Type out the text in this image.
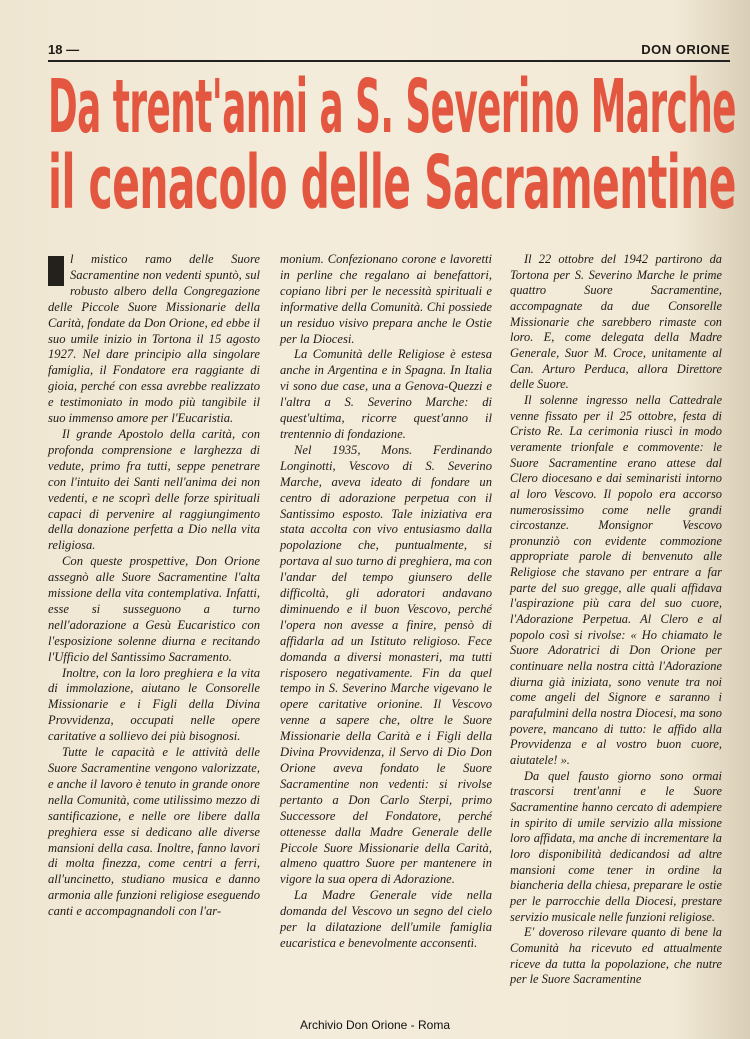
18 —	DON ORIONE
Da trent'anni a S. Severino Marche
il cenacolo delle Sacramentine

l mistico ramo delle Suore Sacramentine non vedenti spuntò, sul robusto albero della Congregazione delle Piccole Suore Missionarie della Carità, fondate da Don Orione, ed ebbe il suo umile inizio in Tortona il 15 agosto 1927. Nel dare principio alla singolare famiglia, il Fondatore era raggiante di gioia, perché con essa avrebbe realizzato e testimoniato in modo più tangibile il suo immenso amore per l'Eucaristia.

Il grande Apostolo della carità, con profonda comprensione e larghezza di vedute, primo fra tutti, seppe penetrare con l'intuito dei Santi nell'anima dei non vedenti, e ne scoprì delle forze spirituali capaci di pervenire al raggiungimento della donazione perfetta a Dio nella vita religiosa.

Con queste prospettive, Don Orione assegnò alle Suore Sacramentine l'alta missione della vita contemplativa. Infatti, esse si susseguono a turno nell'adorazione a Gesù Eucaristico con l'esposizione solenne diurna e recitando l'Ufficio del Santissimo Sacramento.

Inoltre, con la loro preghiera e la vita di immolazione, aiutano le Consorelle Missionarie e i Figli della Divina Provvidenza, occupati nelle opere caritative a sollievo dei più bisognosi.

Tutte le capacità e le attività delle Suore Sacramentine vengono valorizzate, e anche il lavoro è tenuto in grande onore nella Comunità, come utilissimo mezzo di santificazione, e nelle ore libere dalla preghiera esse si dedicano alle diverse mansioni della casa. Inoltre, fanno lavori di molta finezza, come centri a ferri, all'uncinetto, studiano musica e danno armonia alle funzioni religiose eseguendo canti e accompagnandoli con l'ar-

monium. Confezionano corone e lavoretti in perline che regalano ai benefattori, copiano libri per le necessità spirituali e informative della Comunità. Chi possiede un residuo visivo prepara anche le Ostie per la Diocesi.

La Comunità delle Religiose è estesa anche in Argentina e in Spagna. In Italia vi sono due case, una a Genova-Quezzi e l'altra a S. Severino Marche: di quest'ultima, ricorre quest'anno il trentennio di fondazione.

Nel 1935, Mons. Ferdinando Longinotti, Vescovo di S. Severino Marche, aveva ideato di fondare un centro di adorazione perpetua con il Santissimo esposto. Tale iniziativa era stata accolta con vivo entusiasmo dalla popolazione che, puntualmente, si portava al suo turno di preghiera, ma con l'andar del tempo giunsero delle difficoltà, gli adoratori andavano diminuendo e il buon Vescovo, perché l'opera non avesse a finire, pensò di affidarla ad un Istituto religioso. Fece domanda a diversi monasteri, ma tutti risposero negativamente. Fin da quel tempo in S. Severino Marche vigevano le opere caritative orionine. Il Vescovo venne a sapere che, oltre le Suore Missionarie della Carità e i Figli della Divina Provvidenza, il Servo di Dio Don Orione aveva fondato le Suore Sacramentine non vedenti: si rivolse pertanto a Don Carlo Sterpi, primo Successore del Fondatore, perché ottenesse dalla Madre Generale delle Piccole Suore Missionarie della Carità, almeno quattro Suore per mantenere in vigore la sua opera di Adorazione.

La Madre Generale vide nella domanda del Vescovo un segno del cielo per la dilatazione dell'umile famiglia eucaristica e benevolmente acconsentì.

Il 22 ottobre del 1942 partirono da Tortona per S. Severino Marche le prime quattro Suore Sacramentine, accompagnate da due Consorelle Missionarie che sarebbero rimaste con loro. E, come delegata della Madre Generale, Suor M. Croce, unitamente al Can. Arturo Perduca, allora Direttore delle Suore.

Il solenne ingresso nella Cattedrale venne fissato per il 25 ottobre, festa di Cristo Re. La cerimonia riuscì in modo veramente trionfale e commovente: le Suore Sacramentine erano attese dal Clero diocesano e dai seminaristi intorno al loro Vescovo. Il popolo era accorso numerosissimo come nelle grandi circostanze. Monsignor Vescovo pronunziò con evidente commozione appropriate parole di benvenuto alle Religiose che stavano per entrare a far parte del suo gregge, alle quali affidava l'aspirazione più cara del suo cuore, l'Adorazione Perpetua. Al Clero e al popolo così si rivolse: « Ho chiamato le Suore Adoratrici di Don Orione per continuare nella nostra città l'Adorazione diurna già iniziata, sono venute tra noi come angeli del Signore e saranno i parafulmini della nostra Diocesi, ma sono povere, mancano di tutto: le affido alla Provvidenza e al vostro buon cuore, aiutatele! ».

Da quel fausto giorno sono ormai trascorsi trent'anni e le Suore Sacramentine hanno cercato di adempiere in spirito di umile servizio alla missione loro affidata, ma anche di incrementare la loro disponibilità dedicandosi ad altre mansioni come tener in ordine la biancheria della chiesa, preparare le ostie per le parrocchie della Diocesi, prestare servizio musicale nelle funzioni religiose.

E' doveroso rilevare quanto di bene la Comunità ha ricevuto ed attualmente riceve da tutta la popolazione, che nutre per le Suore Sacramentine

Archivio Don Orione - Roma
